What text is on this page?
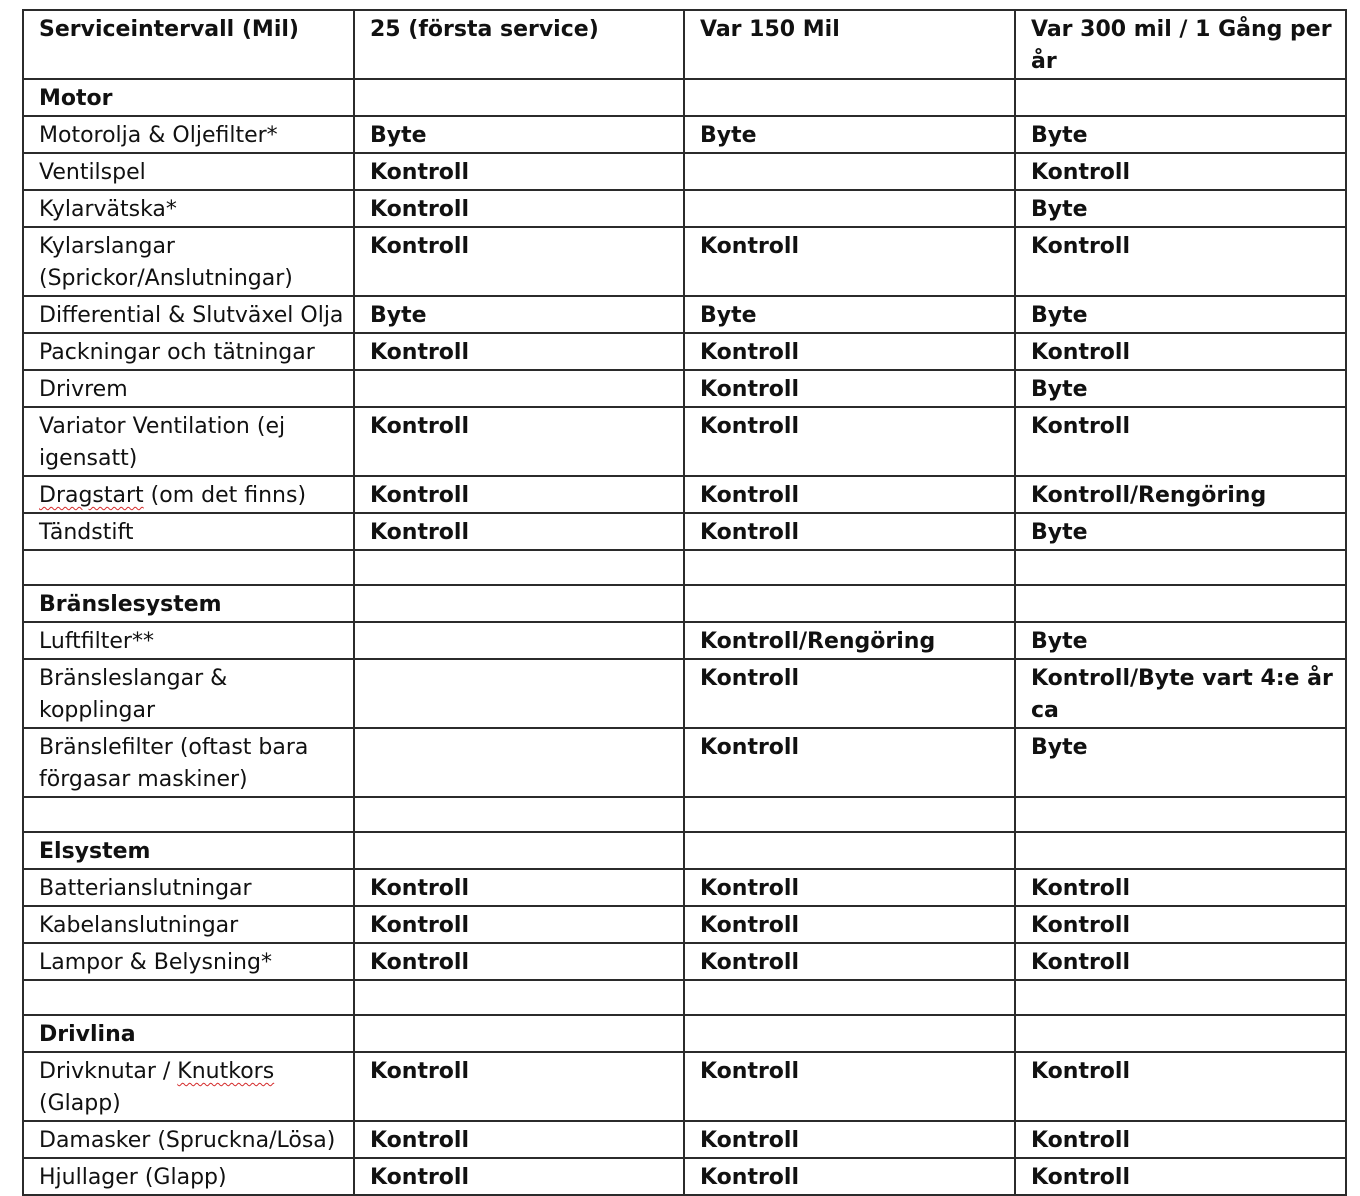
Serviceintervall (Mil)	25 (första service)	Var 150 Mil	Var 300 mil / 1 Gång per år
Motor			
Motorolja & Oljefilter*	Byte	Byte	Byte
Ventilspel	Kontroll		Kontroll
Kylarvätska*	Kontroll		Byte
Kylarslangar
(Sprickor/Anslutningar)	Kontroll	Kontroll	Kontroll
Differential & Slutväxel Olja	Byte	Byte	Byte
Packningar och tätningar	Kontroll	Kontroll	Kontroll
Drivrem		Kontroll	Byte
Variator Ventilation (ej
igensatt)	Kontroll	Kontroll	Kontroll
Dragstart (om det finns)	Kontroll	Kontroll	Kontroll/Rengöring
Tändstift	Kontroll	Kontroll	Byte

Bränslesystem			
Luftfilter**		Kontroll/Rengöring	Byte
Bränsleslangar & kopplingar		Kontroll	Kontroll/Byte vart 4:e år ca
Bränslefilter (oftast bara
förgasar maskiner)		Kontroll	Byte

Elsystem			
Batterianslutningar	Kontroll	Kontroll	Kontroll
Kabelanslutningar	Kontroll	Kontroll	Kontroll
Lampor & Belysning*	Kontroll	Kontroll	Kontroll

Drivlina			
Drivknutar / Knutkors
(Glapp)	Kontroll	Kontroll	Kontroll
Damasker (Spruckna/Lösa)	Kontroll	Kontroll	Kontroll
Hjullager (Glapp)	Kontroll	Kontroll	Kontroll
